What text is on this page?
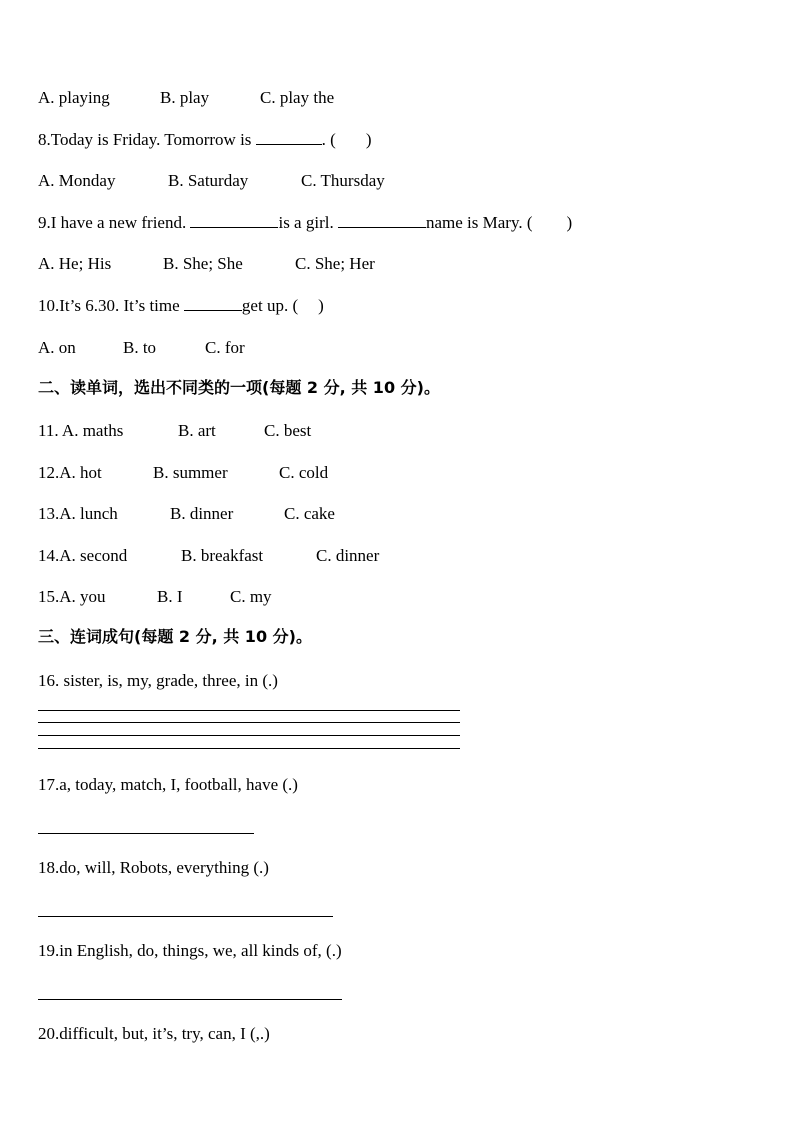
A. playing	B. play	C. play the
8.Today is Friday. Tomorrow is	. ( )
A. Monday	B. Saturday	C. Thursday
9.I have a new friend.	is a girl.	name is Mary. ( )
A. He; His	B. She; She	C. She; Her
10.It’s 6.30. It’s time	get up. ( )
A. on	B. to	C. for
二、读单词，选出不同类的一项(每题 2 分, 共 10 分)。
11. A. maths	B. art	C. best
12.A. hot	B. summer	C. cold
13.A. lunch	B. dinner	C. cake
14.A. second	B. breakfast	C. dinner
15.A. you	B. I	C. my
三、连词成句(每题 2 分, 共 10 分)。
16. sister, is, my, grade, three, in (.)
17.a, today, match, I, football, have (.)
18.do, will, Robots, everything (.)
19.in English, do, things, we, all kinds of, (.)
20.difficult, but, it’s, try, can, I (,.)
